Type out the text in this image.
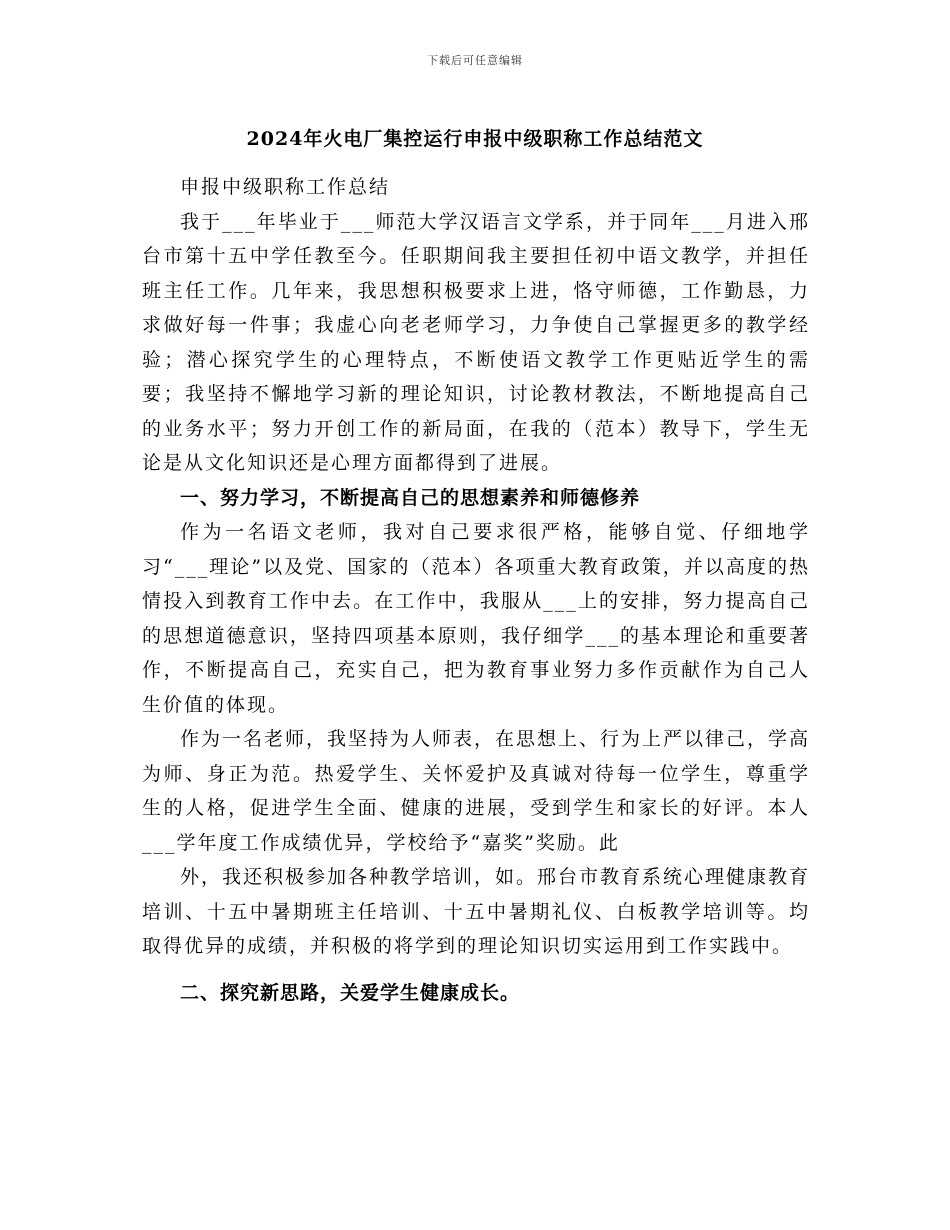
下载后可任意编辑
2024年火电厂集控运行申报中级职称工作总结范文

申报中级职称工作总结

我于___年毕业于___师范大学汉语言文学系，并于同年___月进入邢台市第十五中学任教至今。任职期间我主要担任初中语文教学，并担任班主任工作。几年来，我思想积极要求上进，恪守师德，工作勤恳，力求做好每一件事；我虚心向老老师学习，力争使自己掌握更多的教学经验；潜心探究学生的心理特点，不断使语文教学工作更贴近学生的需要；我坚持不懈地学习新的理论知识，讨论教材教法，不断地提高自己的业务水平；努力开创工作的新局面，在我的（范本）教导下，学生无论是从文化知识还是心理方面都得到了进展。

一、努力学习，不断提高自己的思想素养和师德修养

作为一名语文老师，我对自己要求很严格，能够自觉、仔细地学习“___理论”以及党、国家的（范本）各项重大教育政策，并以高度的热情投入到教育工作中去。在工作中，我服从___上的安排，努力提高自己的思想道德意识，坚持四项基本原则，我仔细学___的基本理论和重要著作，不断提高自己，充实自己，把为教育事业努力多作贡献作为自己人生价值的体现。

作为一名老师，我坚持为人师表，在思想上、行为上严以律己，学高为师、身正为范。热爱学生、关怀爱护及真诚对待每一位学生，尊重学生的人格，促进学生全面、健康的进展，受到学生和家长的好评。本人___学年度工作成绩优异，学校给予“嘉奖”奖励。此

外，我还积极参加各种教学培训，如。邢台市教育系统心理健康教育培训、十五中暑期班主任培训、十五中暑期礼仪、白板教学培训等。均取得优异的成绩，并积极的将学到的理论知识切实运用到工作实践中。

二、探究新思路，关爱学生健康成长。
